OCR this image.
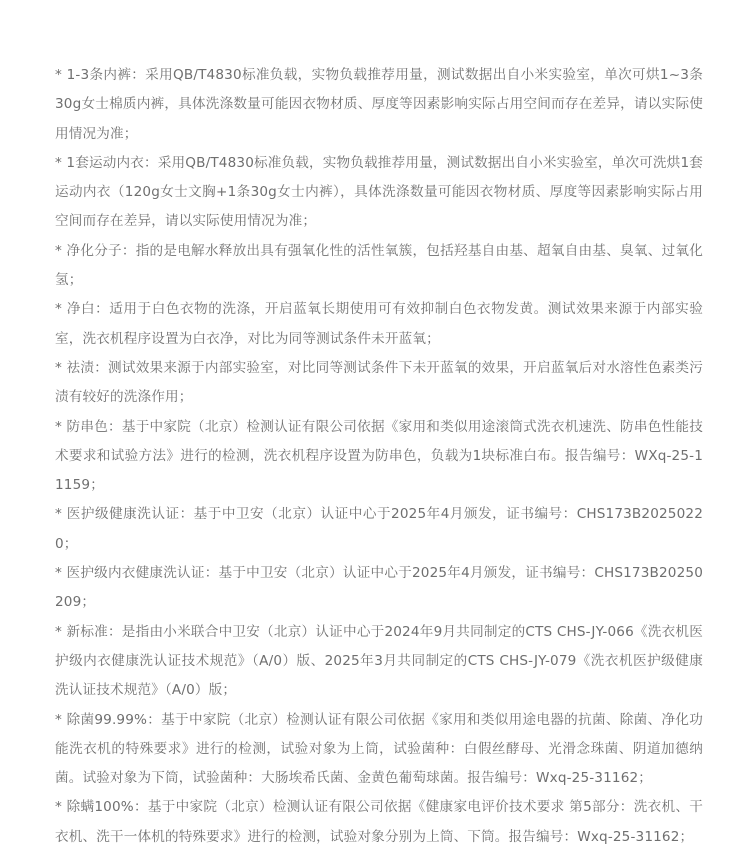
* 1-3条内裤：采用QB/T4830标准负载，实物负载推荐用量，测试数据出自小米实验室，单次可烘1~3条30g女士棉质内裤，具体洗涤数量可能因衣物材质、厚度等因素影响实际占用空间而存在差异，请以实际使用情况为准；
* 1套运动内衣：采用QB/T4830标准负载，实物负载推荐用量，测试数据出自小米实验室，单次可洗烘1套运动内衣（120g女士文胸+1条30g女士内裤），具体洗涤数量可能因衣物材质、厚度等因素影响实际占用空间而存在差异，请以实际使用情况为准；
* 净化分子：指的是电解水释放出具有强氧化性的活性氧簇，包括羟基自由基、超氧自由基、臭氧、过氧化氢；
* 净白：适用于白色衣物的洗涤，开启蓝氧长期使用可有效抑制白色衣物发黄。测试效果来源于内部实验室，洗衣机程序设置为白衣净，对比为同等测试条件未开蓝氧；
* 祛渍：测试效果来源于内部实验室，对比同等测试条件下未开蓝氧的效果，开启蓝氧后对水溶性色素类污渍有较好的洗涤作用；
* 防串色：基于中家院（北京）检测认证有限公司依据《家用和类似用途滚筒式洗衣机速洗、防串色性能技术要求和试验方法》进行的检测，洗衣机程序设置为防串色，负载为1块标准白布。报告编号：WXq-25-11159；
* 医护级健康洗认证：基于中卫安（北京）认证中心于2025年4月颁发，证书编号：CHS173B20250220；
* 医护级内衣健康洗认证：基于中卫安（北京）认证中心于2025年4月颁发，证书编号：CHS173B20250209；
* 新标准：是指由小米联合中卫安（北京）认证中心于2024年9月共同制定的CTS CHS-JY-066《洗衣机医护级内衣健康洗认证技术规范》（A/0）版、2025年3月共同制定的CTS CHS-JY-079《洗衣机医护级健康洗认证技术规范》（A/0）版；
* 除菌99.99%：基于中家院（北京）检测认证有限公司依据《家用和类似用途电器的抗菌、除菌、净化功能洗衣机的特殊要求》进行的检测，试验对象为上筒，试验菌种：白假丝酵母、光滑念珠菌、阴道加德纳菌。试验对象为下筒，试验菌种：大肠埃希氏菌、金黄色葡萄球菌。报告编号：Wxq-25-31162；
* 除螨100%：基于中家院（北京）检测认证有限公司依据《健康家电评价技术要求 第5部分：洗衣机、干衣机、洗干一体机的特殊要求》进行的检测，试验对象分别为上筒、下筒。报告编号：Wxq-25-31162；
